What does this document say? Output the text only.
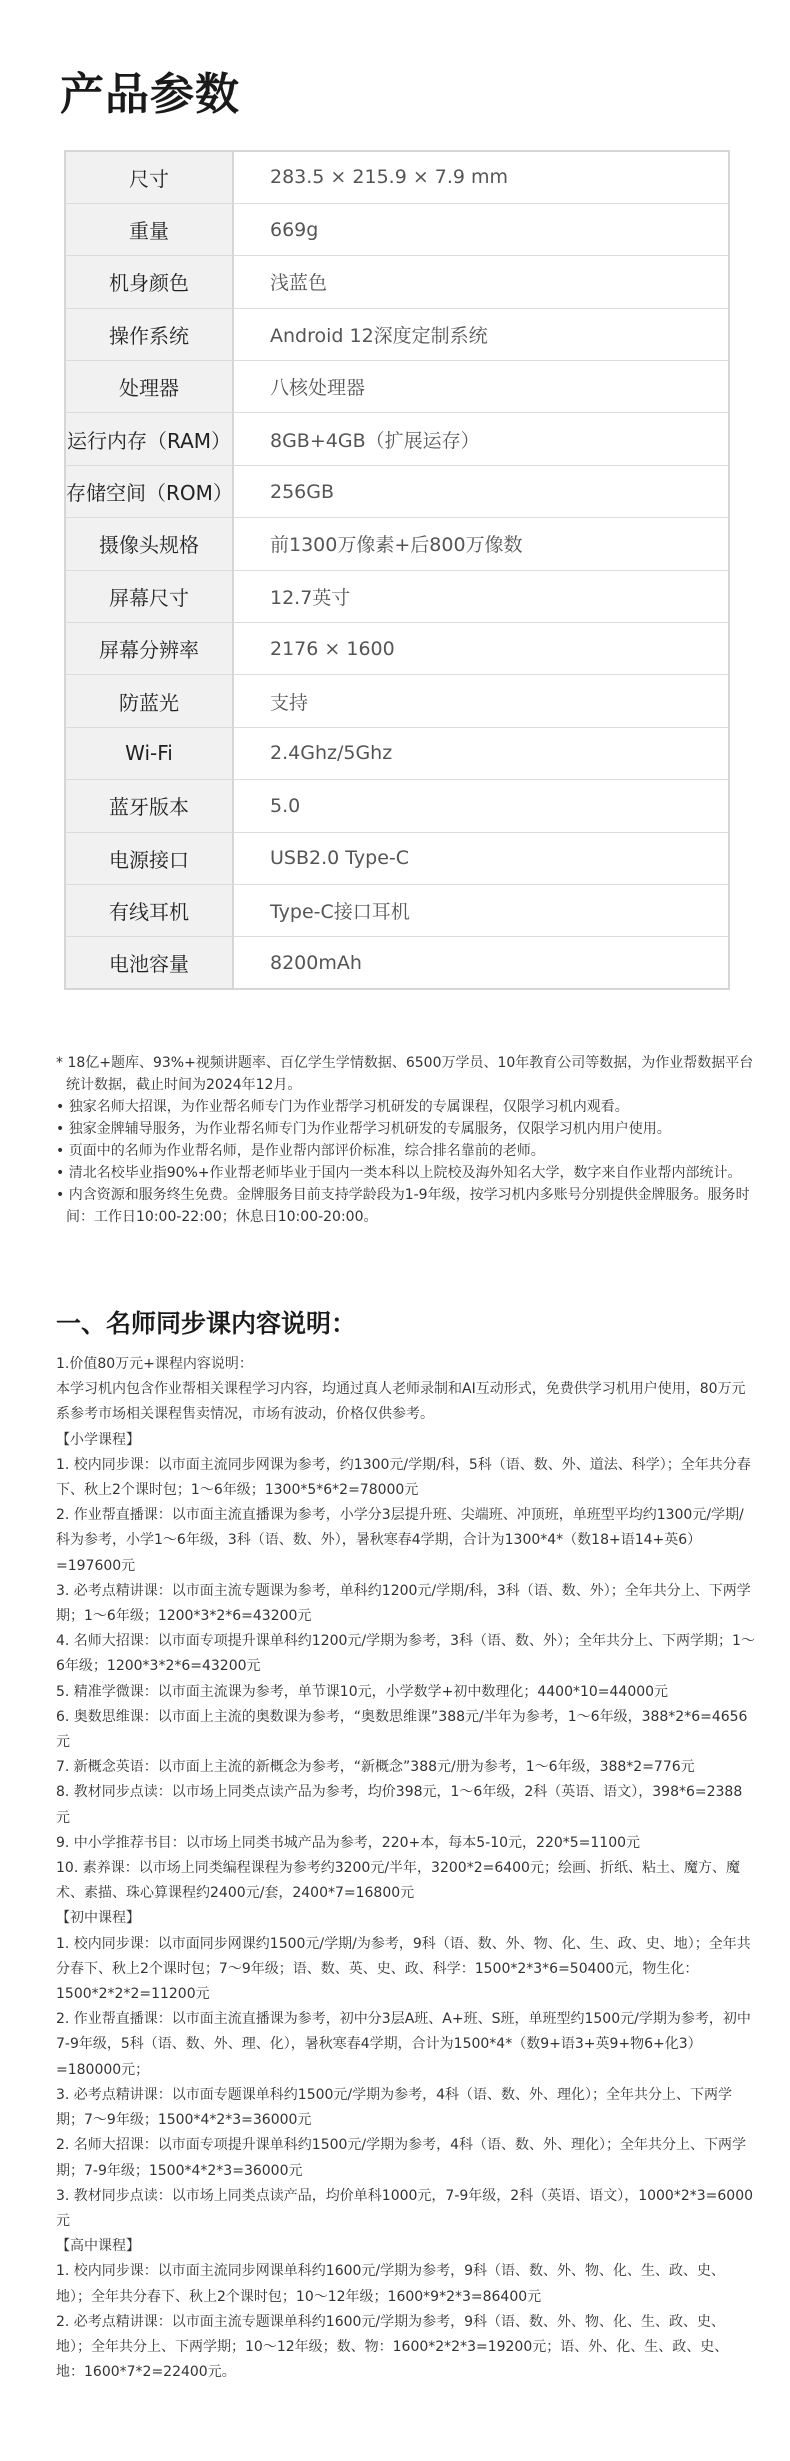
产品参数
尺寸	283.5 × 215.9 × 7.9 mm
重量	669g
机身颜色	浅蓝色
操作系统	Android 12深度定制系统
处理器	八核处理器
运行内存（RAM）	8GB+4GB（扩展运存）
存储空间（ROM）	256GB
摄像头规格	前1300万像素+后800万像数
屏幕尺寸	12.7英寸
屏幕分辨率	2176 × 1600
防蓝光	支持
Wi-Fi	2.4Ghz/5Ghz
蓝牙版本	5.0
电源接口	USB2.0 Type-C
有线耳机	Type-C接口耳机
电池容量	8200mAh

* 18亿+题库、93%+视频讲题率、百亿学生学情数据、6500万学员、10年教育公司等数据，为作业帮数据平台统计数据，截止时间为2024年12月。

• 独家名师大招课，为作业帮名师专门为作业帮学习机研发的专属课程，仅限学习机内观看。

• 独家金牌辅导服务，为作业帮名师专门为作业帮学习机研发的专属服务，仅限学习机内用户使用。

• 页面中的名师为作业帮名师，是作业帮内部评价标准，综合排名靠前的老师。

• 清北名校毕业指90%+作业帮老师毕业于国内一类本科以上院校及海外知名大学，数字来自作业帮内部统计。

• 内含资源和服务终生免费。金牌服务目前支持学龄段为1-9年级，按学习机内多账号分别提供金牌服务。服务时间：工作日10:00-22:00；休息日10:00-20:00。

一、名师同步课内容说明：

1.价值80万元+课程内容说明：

本学习机内包含作业帮相关课程学习内容，均通过真人老师录制和AI互动形式，免费供学习机用户使用，80万元系参考市场相关课程售卖情况，市场有波动，价格仅供参考。

【小学课程】

1. 校内同步课：以市面主流同步网课为参考，约1300元/学期/科，5科（语、数、外、道法、科学）；全年共分春下、秋上2个课时包；1～6年级；1300*5*6*2=78000元

2. 作业帮直播课：以市面主流直播课为参考，小学分3层提升班、尖端班、冲顶班，单班型平均约1300元/学期/科为参考，小学1～6年级，3科（语、数、外），暑秋寒春4学期，合计为1300*4*（数18+语14+英6）=197600元

3. 必考点精讲课：以市面主流专题课为参考，单科约1200元/学期/科，3科（语、数、外）；全年共分上、下两学期；1～6年级；1200*3*2*6=43200元

4. 名师大招课：以市面专项提升课单科约1200元/学期为参考，3科（语、数、外）；全年共分上、下两学期；1～6年级；1200*3*2*6=43200元

5. 精准学微课：以市面主流课为参考，单节课10元，小学数学+初中数理化；4400*10=44000元

6. 奥数思维课：以市面上主流的奥数课为参考，“奥数思维课”388元/半年为参考，1～6年级，388*2*6=4656元

7. 新概念英语：以市面上主流的新概念为参考，“新概念”388元/册为参考，1～6年级，388*2=776元

8. 教材同步点读：以市场上同类点读产品为参考，均价398元，1～6年级，2科（英语、语文），398*6=2388元

9. 中小学推荐书目：以市场上同类书城产品为参考，220+本，每本5-10元，220*5=1100元

10. 素养课：以市场上同类编程课程为参考约3200元/半年，3200*2=6400元；绘画、折纸、粘土、魔方、魔术、素描、珠心算课程约2400元/套，2400*7=16800元

【初中课程】

1. 校内同步课：以市面同步网课约1500元/学期/为参考，9科（语、数、外、物、化、生、政、史、地）；全年共分春下、秋上2个课时包；7～9年级；语、数、英、史、政、科学：1500*2*3*6=50400元，物生化：1500*2*2*2=11200元

2. 作业帮直播课：以市面主流直播课为参考，初中分3层A班、A+班、S班，单班型约1500元/学期为参考，初中7-9年级，5科（语、数、外、理、化），暑秋寒春4学期，合计为1500*4*（数9+语3+英9+物6+化3）=180000元；

3. 必考点精讲课：以市面专题课单科约1500元/学期为参考，4科（语、数、外、理化）；全年共分上、下两学期；7～9年级；1500*4*2*3=36000元

2. 名师大招课：以市面专项提升课单科约1500元/学期为参考，4科（语、数、外、理化）；全年共分上、下两学期；7-9年级；1500*4*2*3=36000元

3. 教材同步点读：以市场上同类点读产品，均价单科1000元，7-9年级，2科（英语、语文），1000*2*3=6000元

【高中课程】

1. 校内同步课：以市面主流同步网课单科约1600元/学期为参考，9科（语、数、外、物、化、生、政、史、地）；全年共分春下、秋上2个课时包；10～12年级；1600*9*2*3=86400元

2. 必考点精讲课：以市面主流专题课单科约1600元/学期为参考，9科（语、数、外、物、化、生、政、史、地）；全年共分上、下两学期；10～12年级；数、物：1600*2*2*3=19200元；语、外、化、生、政、史、地：1600*7*2=22400元。
